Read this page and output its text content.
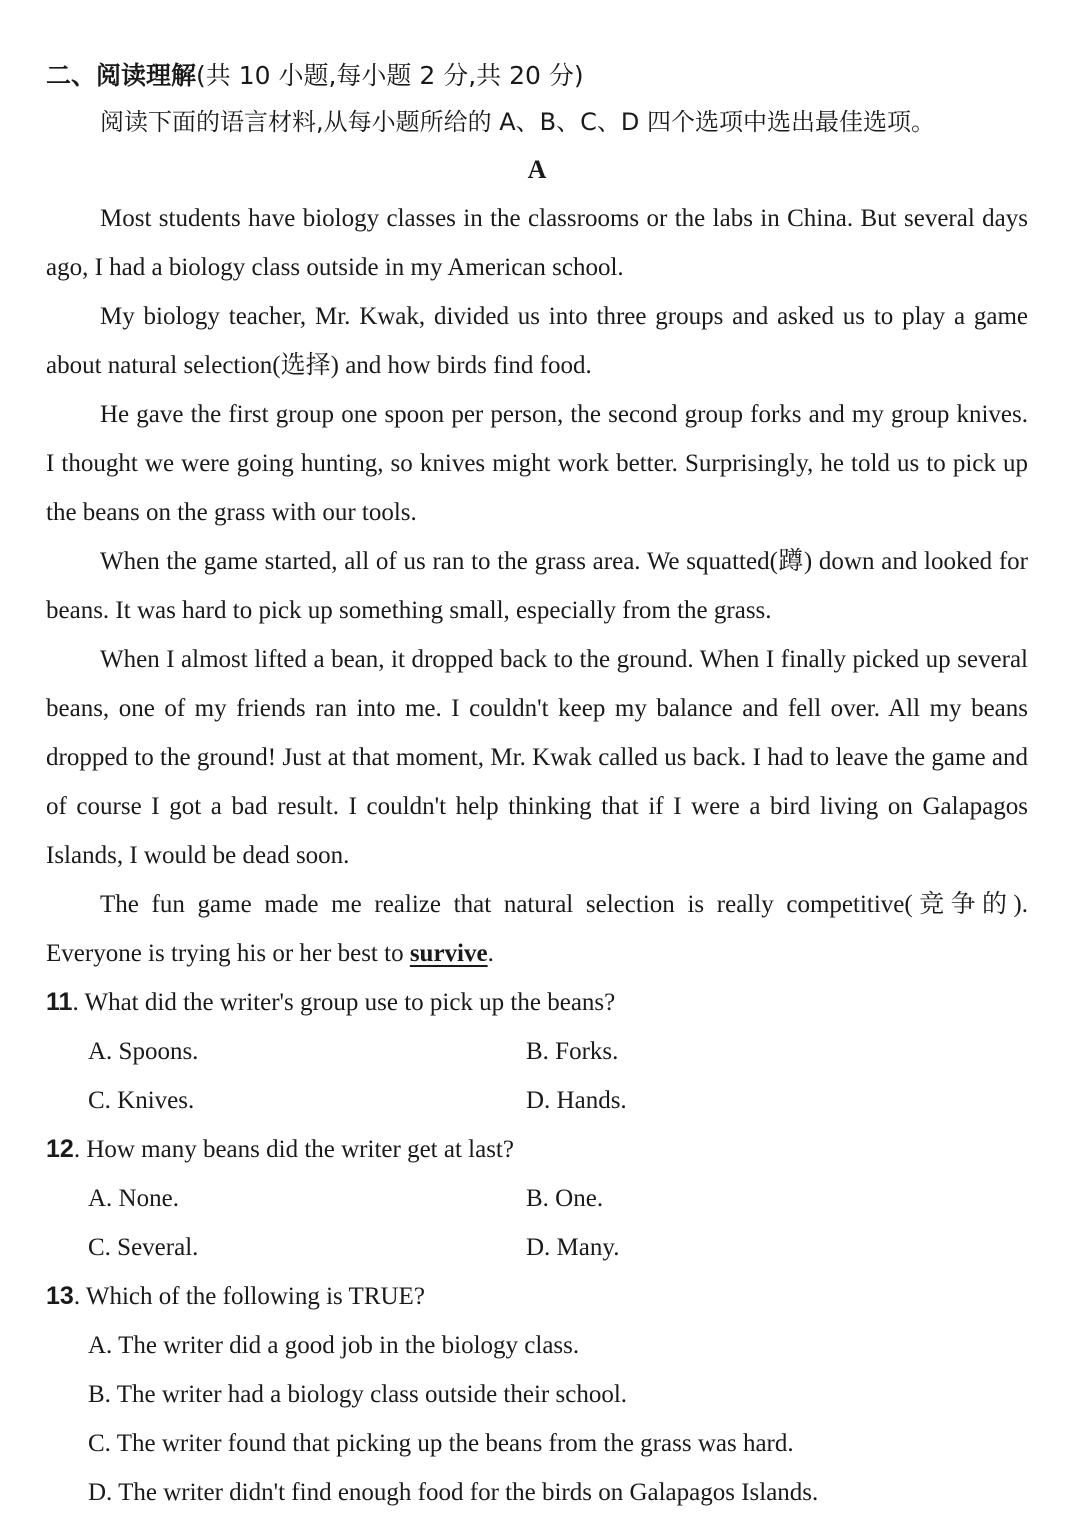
二、阅读理解(共 10 小题,每小题 2 分,共 20 分)

阅读下面的语言材料,从每小题所给的 A、B、C、D 四个选项中选出最佳选项。

A

Most students have biology classes in the classrooms or the labs in China. But several days ago, I had a biology class outside in my American school.

My biology teacher, Mr. Kwak, divided us into three groups and asked us to play a game about natural selection(选择) and how birds find food.

He gave the first group one spoon per person, the second group forks and my group knives. I thought we were going hunting, so knives might work better. Surprisingly, he told us to pick up the beans on the grass with our tools.

When the game started, all of us ran to the grass area. We squatted(蹲) down and looked for beans. It was hard to pick up something small, especially from the grass.

When I almost lifted a bean, it dropped back to the ground. When I finally picked up several beans, one of my friends ran into me. I couldn't keep my balance and fell over. All my beans dropped to the ground! Just at that moment, Mr. Kwak called us back. I had to leave the game and of course I got a bad result. I couldn't help thinking that if I were a bird living on Galapagos Islands, I would be dead soon.

The fun game made me realize that natural selection is really competitive(竞争的). Everyone is trying his or her best to survive.

11. What did the writer's group use to pick up the beans?

A. Spoons.	B. Forks.
C. Knives.	D. Hands.

12. How many beans did the writer get at last?

A. None.	B. One.
C. Several.	D. Many.

13. Which of the following is TRUE?

A. The writer did a good job in the biology class.
B. The writer had a biology class outside their school.
C. The writer found that picking up the beans from the grass was hard.
D. The writer didn't find enough food for the birds on Galapagos Islands.
